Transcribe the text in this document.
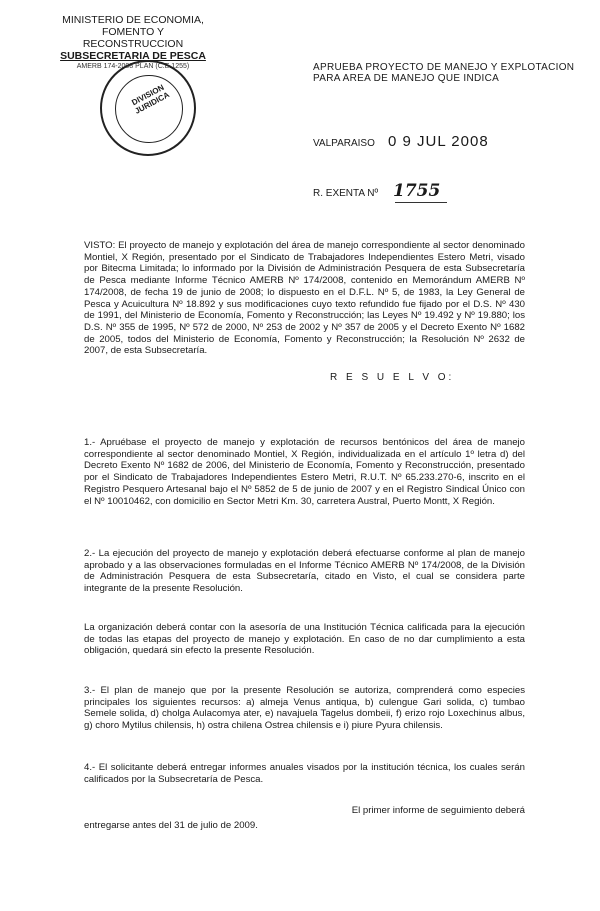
MINISTERIO DE ECONOMIA,
FOMENTO Y RECONSTRUCCION
SUBSECRETARIA DE PESCA
AMERB 174-2008 PLAN (C.E.1255)
DIVISION JURIDICA
APRUEBA PROYECTO DE MANEJO Y EXPLOTACION PARA AREA DE MANEJO QUE INDICA
VALPARAISO 0 9 JUL 2008
R. EXENTA Nº 1755
VISTO: El proyecto de manejo y explotación del área de manejo correspondiente al sector denominado Montiel, X Región, presentado por el Sindicato de Trabajadores Independientes Estero Metri, visado por Bitecma Limitada; lo informado por la División de Administración Pesquera de esta Subsecretaría de Pesca mediante Informe Técnico AMERB Nº 174/2008, contenido en Memorándum AMERB Nº 174/2008, de fecha 19 de junio de 2008; lo dispuesto en el D.F.L. Nº 5, de 1983, la Ley General de Pesca y Acuicultura Nº 18.892 y sus modificaciones cuyo texto refundido fue fijado por el D.S. Nº 430 de 1991, del Ministerio de Economía, Fomento y Reconstrucción; las Leyes Nº 19.492 y Nº 19.880; los D.S. Nº 355 de 1995, Nº 572 de 2000, Nº 253 de 2002 y Nº 357 de 2005 y el Decreto Exento Nº 1682 de 2005, todos del Ministerio de Economía, Fomento y Reconstrucción; la Resolución Nº 2632 de 2007, de esta Subsecretaría.
R E S U E L V O:
1.- Apruébase el proyecto de manejo y explotación de recursos bentónicos del área de manejo correspondiente al sector denominado Montiel, X Región, individualizada en el artículo 1º letra d) del Decreto Exento Nº 1682 de 2006, del Ministerio de Economía, Fomento y Reconstrucción, presentado por el Sindicato de Trabajadores Independientes Estero Metri, R.U.T. Nº 65.233.270-6, inscrito en el Registro Pesquero Artesanal bajo el Nº 5852 de 5 de junio de 2007 y en el Registro Sindical Único con el Nº 10010462, con domicilio en Sector Metri Km. 30, carretera Austral, Puerto Montt, X Región.
2.- La ejecución del proyecto de manejo y explotación deberá efectuarse conforme al plan de manejo aprobado y a las observaciones formuladas en el Informe Técnico AMERB Nº 174/2008, de la División de Administración Pesquera de esta Subsecretaría, citado en Visto, el cual se considera parte integrante de la presente Resolución.
La organización deberá contar con la asesoría de una Institución Técnica calificada para la ejecución de todas las etapas del proyecto de manejo y explotación. En caso de no dar cumplimiento a esta obligación, quedará sin efecto la presente Resolución.
3.- El plan de manejo que por la presente Resolución se autoriza, comprenderá como especies principales los siguientes recursos: a) almeja Venus antiqua, b) culengue Gari solida, c) tumbao Semele solida, d) cholga Aulacomya ater, e) navajuela Tagelus dombeii, f) erizo rojo Loxechinus albus, g) choro Mytilus chilensis, h) ostra chilena Ostrea chilensis e i) piure Pyura chilensis.
4.- El solicitante deberá entregar informes anuales visados por la institución técnica, los cuales serán calificados por la Subsecretaría de Pesca.
El primer informe de seguimiento deberá
entregarse antes del 31 de julio de 2009.
